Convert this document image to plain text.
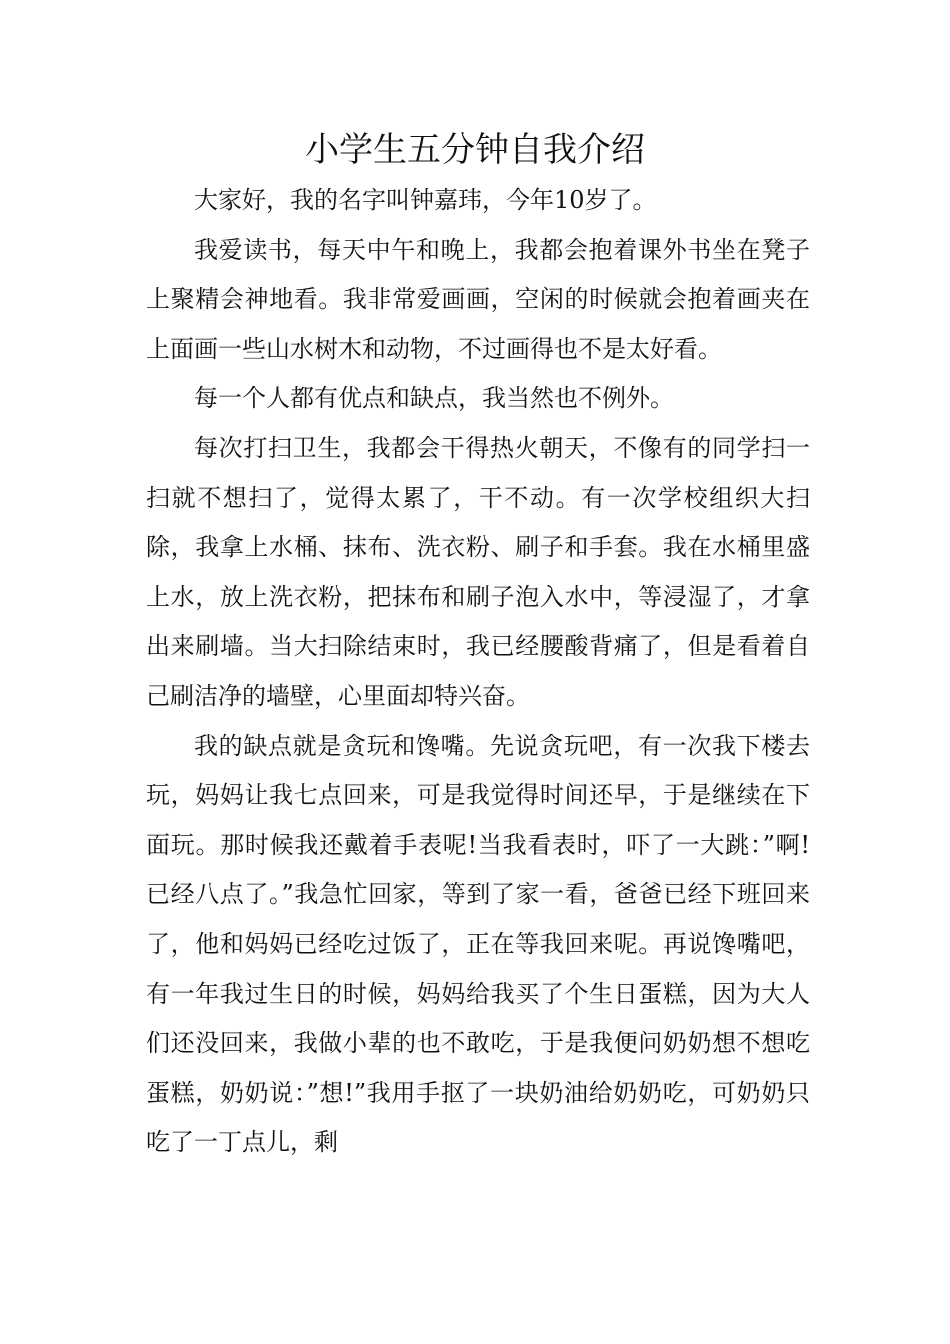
小学生五分钟自我介绍

大家好，我的名字叫钟嘉玮，今年10岁了。

我爱读书，每天中午和晚上，我都会抱着课外书坐在凳子上聚精会神地看。我非常爱画画，空闲的时候就会抱着画夹在上面画一些山水树木和动物，不过画得也不是太好看。

每一个人都有优点和缺点，我当然也不例外。

每次打扫卫生，我都会干得热火朝天，不像有的同学扫一扫就不想扫了，觉得太累了，干不动。有一次学校组织大扫除，我拿上水桶、抹布、洗衣粉、刷子和手套。我在水桶里盛上水，放上洗衣粉，把抹布和刷子泡入水中，等浸湿了，才拿出来刷墙。当大扫除结束时，我已经腰酸背痛了，但是看着自己刷洁净的墙壁，心里面却特兴奋。

我的缺点就是贪玩和馋嘴。先说贪玩吧，有一次我下楼去玩，妈妈让我七点回来，可是我觉得时间还早，于是继续在下面玩。那时候我还戴着手表呢!当我看表时，吓了一大跳：”啊!已经八点了。”我急忙回家，等到了家一看，爸爸已经下班回来了，他和妈妈已经吃过饭了，正在等我回来呢。再说馋嘴吧，有一年我过生日的时候，妈妈给我买了个生日蛋糕，因为大人们还没回来，我做小辈的也不敢吃，于是我便问奶奶想不想吃蛋糕，奶奶说：”想!”我用手抠了一块奶油给奶奶吃，可奶奶只吃了一丁点儿，剩
